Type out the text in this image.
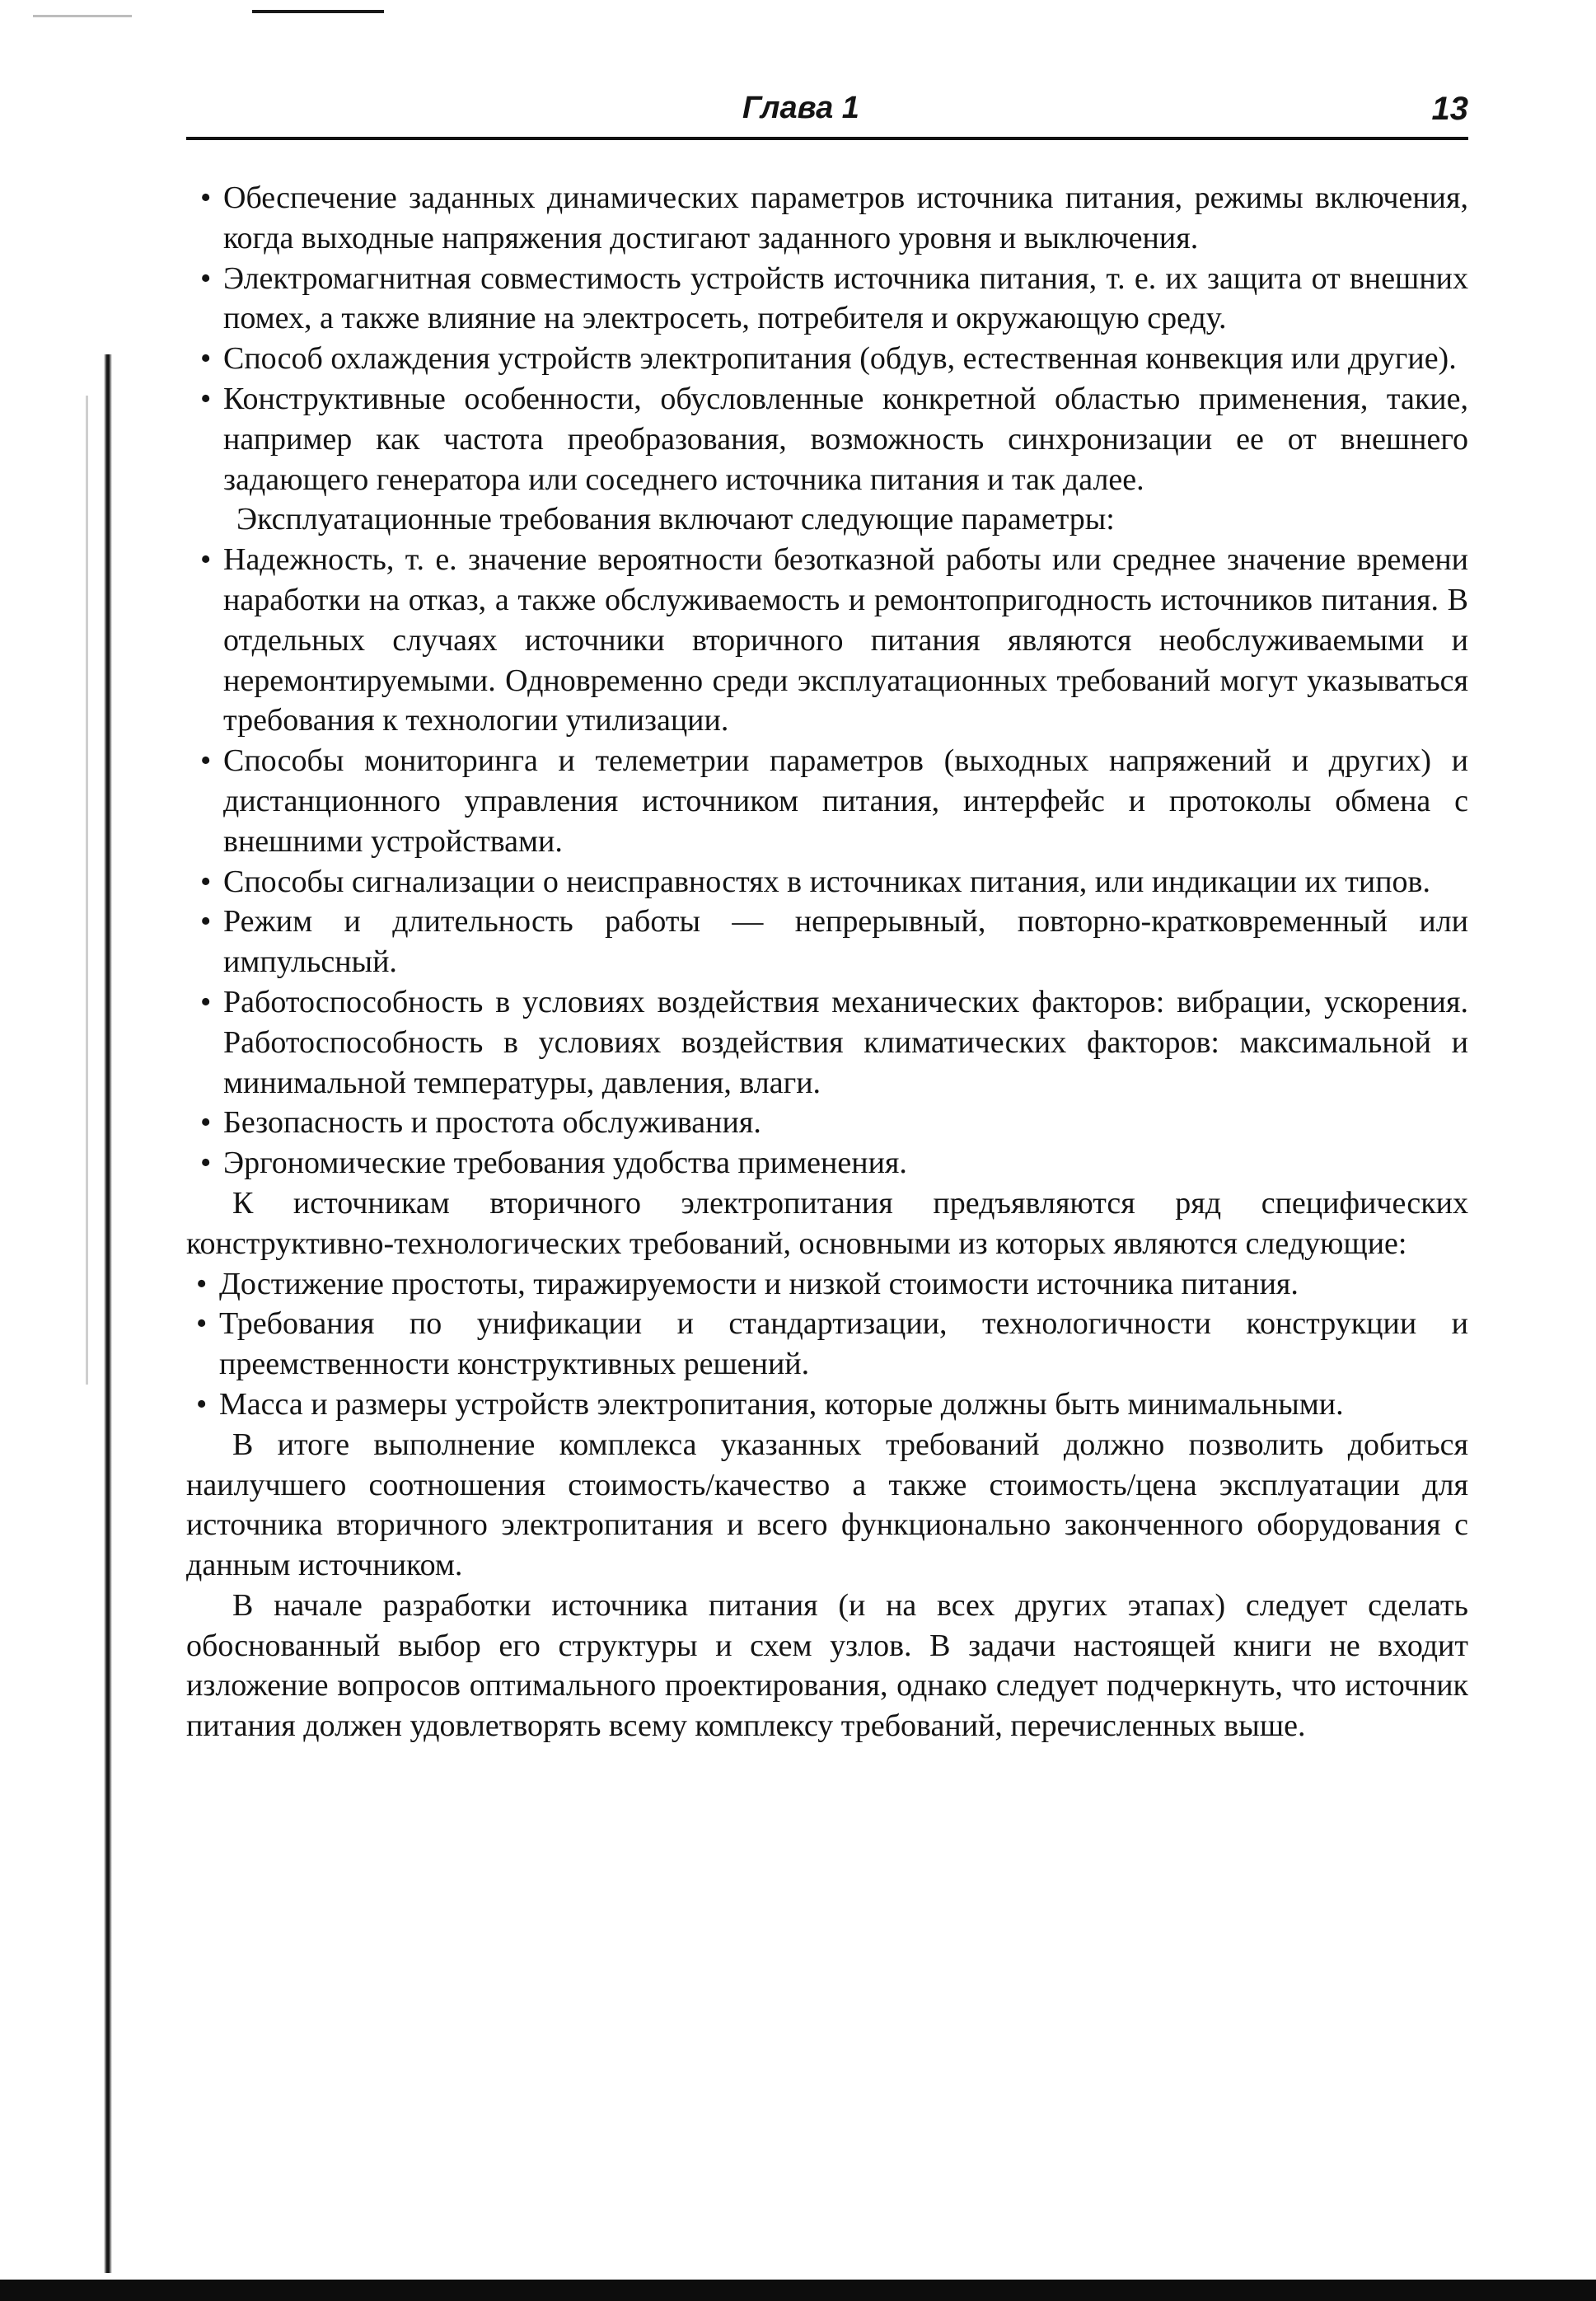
Глава 1	13
• Обеспечение заданных динамических параметров источника питания, режимы включения, когда выходные напряжения достигают заданного уровня и выключения.
• Электромагнитная совместимость устройств источника питания, т. е. их защита от внешних помех, а также влияние на электросеть, потребителя и окружающую среду.
• Способ охлаждения устройств электропитания (обдув, естественная конвекция или другие).
• Конструктивные особенности, обусловленные конкретной областью применения, такие, например как частота преобразования, возможность синхронизации ее от внешнего задающего генератора или соседнего источника питания и так далее.

Эксплуатационные требования включают следующие параметры:

• Надежность, т. е. значение вероятности безотказной работы или среднее значение времени наработки на отказ, а также обслуживаемость и ремонтопригодность источников питания. В отдельных случаях источники вторичного питания являются необслуживаемыми и неремонтируемыми. Одновременно среди эксплуатационных требований могут указываться требования к технологии утилизации.
• Способы мониторинга и телеметрии параметров (выходных напряжений и других) и дистанционного управления источником питания, интерфейс и протоколы обмена с внешними устройствами.
• Способы сигнализации о неисправностях в источниках питания, или индикации их типов.
• Режим и длительность работы — непрерывный, повторно-кратковременный или импульсный.
• Работоспособность в условиях воздействия механических факторов: вибрации, ускорения. Работоспособность в условиях воздействия климатических факторов: максимальной и минимальной температуры, давления, влаги.
• Безопасность и простота обслуживания.
• Эргономические требования удобства применения.

К источникам вторичного электропитания предъявляются ряд специфических конструктивно-технологических требований, основными из которых являются следующие:

• Достижение простоты, тиражируемости и низкой стоимости источника питания.
• Требования по унификации и стандартизации, технологичности конструкции и преемственности конструктивных решений.
• Масса и размеры устройств электропитания, которые должны быть минимальными.

В итоге выполнение комплекса указанных требований должно позволить добиться наилучшего соотношения стоимость/качество а также стоимость/цена эксплуатации для источника вторичного электропитания и всего функционально законченного оборудования с данным источником.

В начале разработки источника питания (и на всех других этапах) следует сделать обоснованный выбор его структуры и схем узлов. В задачи настоящей книги не входит изложение вопросов оптимального проектирования, однако следует подчеркнуть, что источник питания должен удовлетворять всему комплексу требований, перечисленных выше.
